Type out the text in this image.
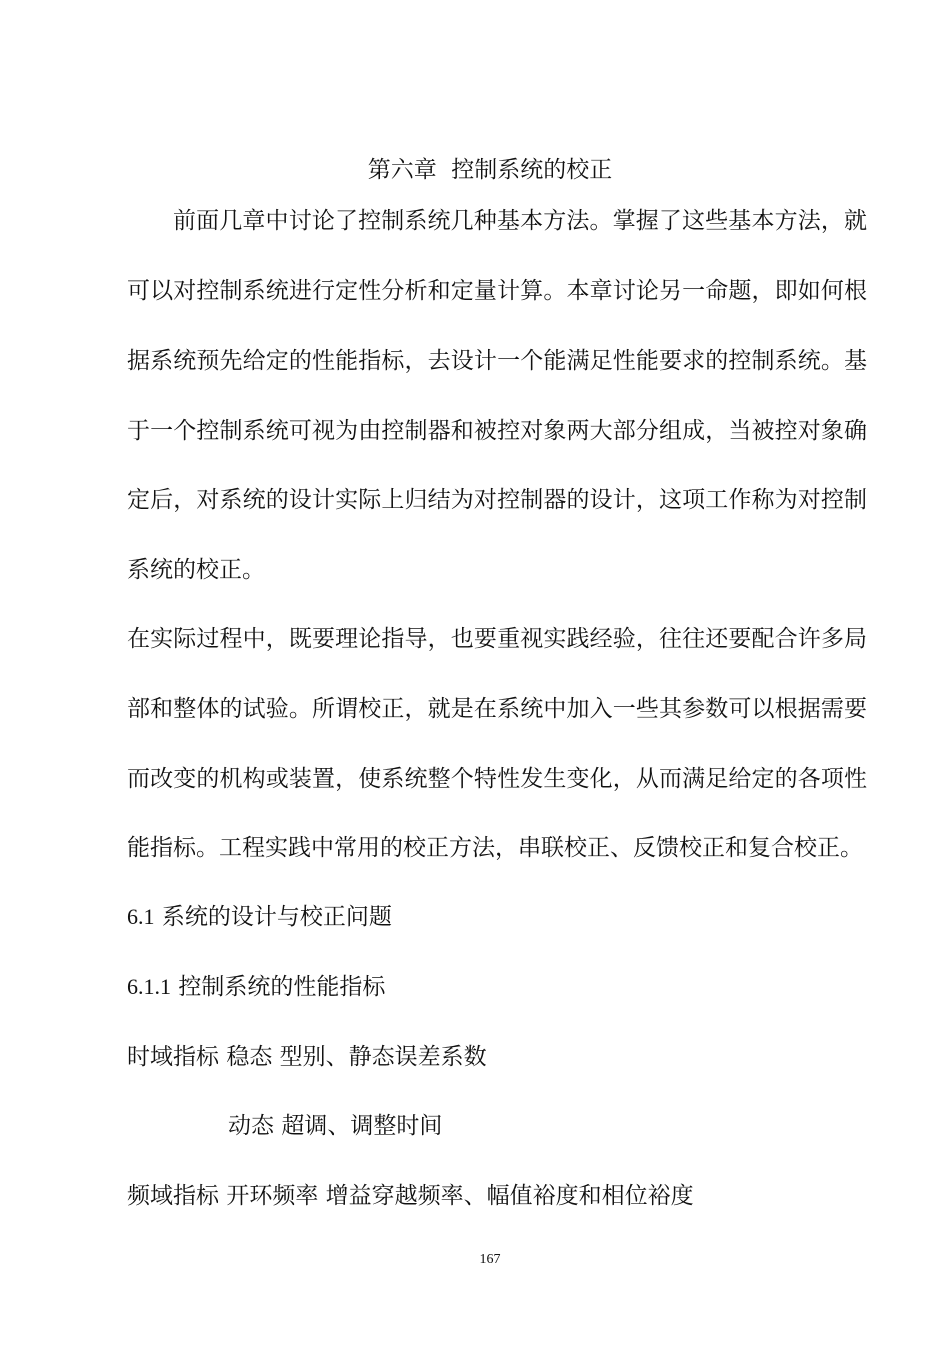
第六章  控制系统的校正
前面几章中讨论了控制系统几种基本方法。掌握了这些基本方法，就
可以对控制系统进行定性分析和定量计算。本章讨论另一命题，即如何根
据系统预先给定的性能指标，去设计一个能满足性能要求的控制系统。基
于一个控制系统可视为由控制器和被控对象两大部分组成，当被控对象确
定后，对系统的设计实际上归结为对控制器的设计，这项工作称为对控制
系统的校正。
在实际过程中，既要理论指导，也要重视实践经验，往往还要配合许多局
部和整体的试验。所谓校正，就是在系统中加入一些其参数可以根据需要
而改变的机构或装置，使系统整个特性发生变化，从而满足给定的各项性
能指标。工程实践中常用的校正方法，串联校正、反馈校正和复合校正。
6.1 系统的设计与校正问题
6.1.1 控制系统的性能指标
时域指标 稳态 型别、静态误差系数
动态 超调、调整时间
频域指标 开环频率 增益穿越频率、幅值裕度和相位裕度
167
